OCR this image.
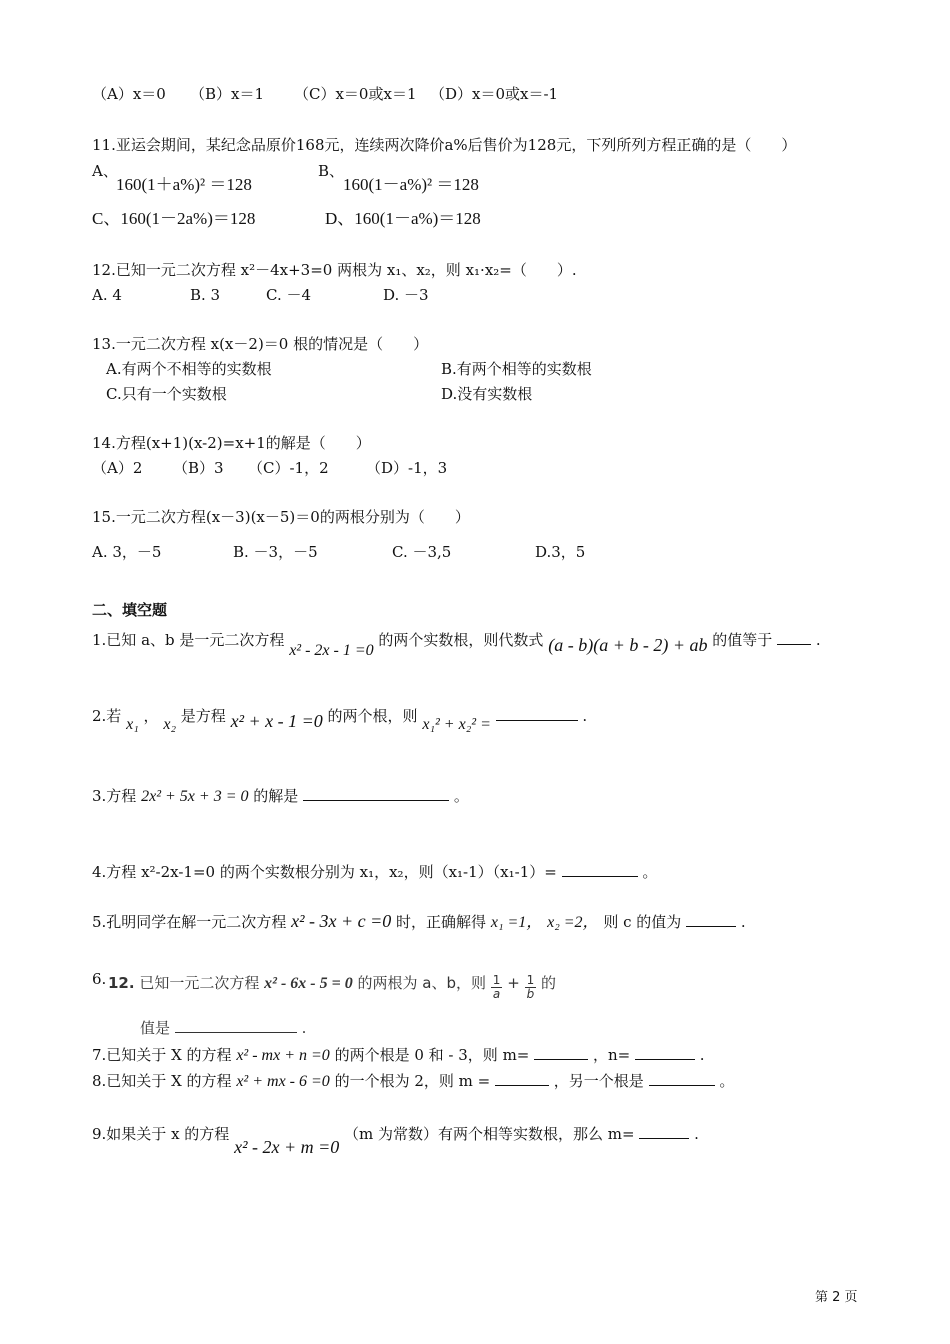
（A）x＝0 （B）x＝1 （C）x＝0或x＝1 （D）x＝0或x＝-1
11.亚运会期间，某纪念品原价168元，连续两次降价a%后售价为128元，下列所列方程正确的是（　　）
A、
160(1＋a%)² ＝128
B、
160(1－a%)² ＝128
C、160(1－2a%)＝128	D、160(1－a%)＝128
12.已知一元二次方程 x²－4x+3=0 两根为 x₁、x₂，则 x₁·x₂=（　　）.
A. 4	B. 3	C. －4	D. －3
13.一元二次方程 x(x－2)＝0 根的情况是（　　）
A.有两个不相等的实数根	B.有两个相等的实数根
C.只有一个实数根	D.没有实数根
14.方程(x+1)(x-2)=x+1的解是（　　）
（A）2 （B）3 （C）-1，2 （D）-1，3
15.一元二次方程(x－3)(x－5)＝0的两根分别为（　　）
A. 3，－5	B. －3，－5	C. －3,5	D.3，5
二、填空题
1.已知 a、b 是一元二次方程 x² - 2x - 1 =0 的两个实数根，则代数式 (a - b)(a + b - 2) + ab 的值等于	.
2.若 x₁ ， x₂ 是方程 x² + x - 1 =0 的两个根，则 x₁² + x₂² =	.
3.方程 2x² + 5x + 3 = 0 的解是	。
4.方程 x²-2x-1=0 的两个实数根分别为 x₁，x₂，则（x₁-1）（x₁-1）=	。
5.孔明同学在解一元二次方程 x² - 3x + c =0 时，正确解得 x₁ =1， x₂ =2， 则 c 的值为	.
6. 12. 已知一元二次方程 x² - 6x - 5 = 0 的两根为 a、b，则 $\frac{1}{a} + \frac{1}{b}$ 的
值是	.
7.已知关于 X 的方程 x² - mx + n =0 的两个根是 0 和 - 3，则 m=	，n=	.
8.已知关于 X 的方程 x² + mx - 6 =0 的一个根为 2，则 m =	，另一个根是	。
9.如果关于 x 的方程 x² - 2x + m =0 （m 为常数）有两个相等实数根，那么 m=	.
第 2 页
